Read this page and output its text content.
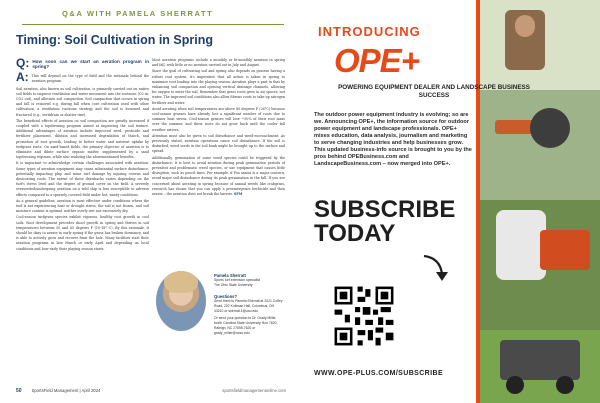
Q&A WITH PAMELA SHERRATT
Timing: Soil Cultivation in Spring
Q: How soon can we start an aeration program in spring?
A: This will depend on the type of field and the rationale behind the aeration program.

Soil aeration, also known as soil cultivation, is primarily carried out on native soil fields to improve ventilation and water movement into the rootzone (O2 in, CO2 out), and alleviate soil compaction. Soil compaction that occurs in spring and fall is removed e.g. during fall when core cultivation used with other cultivation, a ventilation rootzone strategy and the soil is loosened and fractured (e.g., vertidrain or shatter tine).

The beneficial effects of aeration on soil compaction are greatly increased if coupled with a topdressing program aimed at improving the soil texture. Additional advantages of aeration include improved seed, pesticide and fertilizer placement, dilution and increased degradation of thatch, and promotion of root growth, leading to better water and nutrient uptake by turfgrass roots. On sand-based fields, the primary objective of aeration is to eliminate and dilute surface organic matter, supplemented by a sand topdressing regimen, while also realizing the aforementioned benefits.

It is important to acknowledge certain challenges associated with aeration. Some types of aeration equipment may cause substantial surface disturbance, potentially impacting play, and some turf damage by injuring crowns and desiccating roots. The extent of these drawbacks varies depending on the turf's stress level and the degree of ground cover on the field. A severely overseeded/undergoing aeration on a wild ship is less susceptible to adverse effects compared to a sparsely covered field under hot, windy conditions.

As a general guideline, aeration is most effective under conditions where the turf is not experiencing heat or drought stress, the soil is not frozen, and soil moisture content is optimal, neither overly wet nor excessively dry.

Cool-season turfgrass species exhibit vigorous, healthy root growth in cool soils. Root development precedes shoot growth in spring and thrives in soil temperatures between 50 and 65 degrees F (10-18° C). By this rationale, it should be okay to aerate in early spring if the grass has broken dormancy, and is able to actively grow and recover from the hole. Many facilities start their aeration programs in late March or early April and depending on local conditions and how early their playing season starts.

Most aeration programs include a monthly or bi-monthly aeration in spring and fall, with little or no aeration carried out in July and August.

Since the goal of cultivating soil and spring also depends on grasses having a robust root system, it's imperative that all action is taken in spring to maximize root loading into the playing season. Aeration plays a part in that by enhancing soil compaction and opening vertical drainage channels, allowing for oxygen to enter the soil. Remember that grass roots grow in air spaces, not water. The improved soil conditions also allow fibrous roots to take up nitrogen fertilizer and water.

Avoid aerating when soil temperatures are above 80 degrees F (26°C) because cool-season grasses have already lost a significant number of roots due to summer heat stress. Cool-season grasses will lose ~50% of their root mass over the summer, and these roots do not grow back until the cooler fall weather arrives.

Attention must also be given to soil disturbance and weed-encroachment. As previously stated, aeration operations cause soil disturbance. If the soil is disturbed, weed seeds in the soil bank might be brought up to the surface and spread.

Additionally, germination of some weed species could be triggered by the disturbance. It is best to avoid aeration during peak germination periods of prevalent and problematic weed species, or use equipment that causes little disruption, such as pencil tines. For example, if Poa annua is a major concern, avoid major soil disturbance during its peak germination in the fall. If you are concerned about aerating in spring because of annual weeds like crabgrass, research has shown that you can apply a preemergence herbicide and then aerate – the aeration does not break the barrier. SPM

Pamela Sherratt
Sports turf extension specialist
The Ohio State University
Questions?
Send them to Pamela Sherratt at 2021 Coffey Road, 202 Kottman Hall, Columbus, OH 43210 or sherratt.1@osu.edu
Or send your question to Dr. Grady Miller, North Carolina State University, Box 7620, Raleigh, NC 27695-7620 or grady_miller@ncsu.edu
50 SportsField Management | April 2024	sportsfieldmanagementonline.com
INTRODUCING
OPE+
POWERING EQUIPMENT DEALER AND LANDSCAPE BUSINESS SUCCESS
The outdoor power equipment industry is evolving; so are we. Announcing OPE+, the information source for outdoor power equipment and landscape professionals. OPE+ mixes education, data analysis, journalism and marketing to serve changing industries and help businesses grow. This updated business-info source is brought to you by the pros behind OPEBusiness.com and LandscapeBusiness.com – now merged into OPE+.
SUBSCRIBE
TODAY
WWW.OPE-PLUS.COM/SUBSCRIBE
